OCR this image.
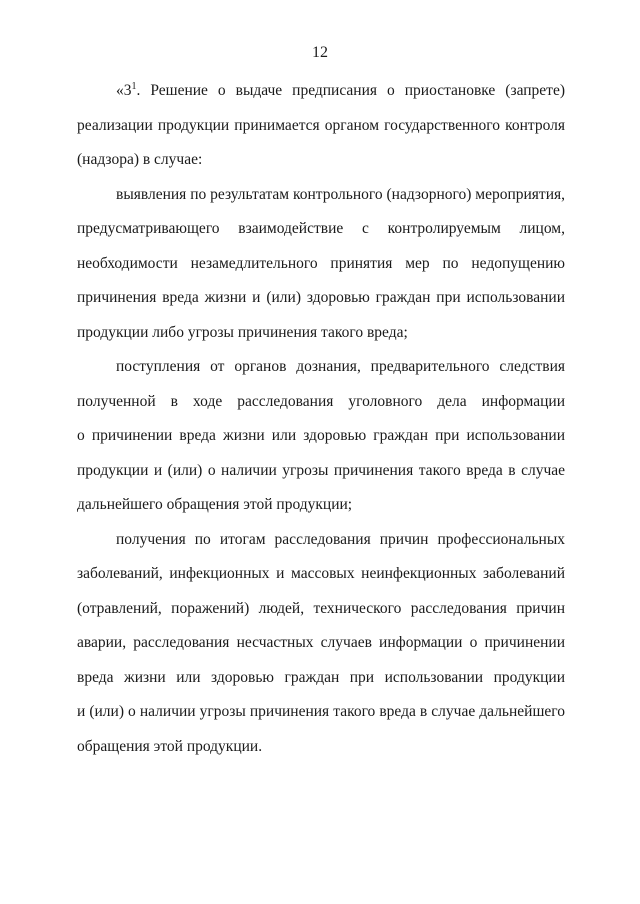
12
«$3^1$. Решение о выдаче предписания о приостановке (запрете)
реализации продукции принимается органом государственного контроля
(надзора) в случае:
выявления по результатам контрольного (надзорного) мероприятия,
предусматривающего взаимодействие с контролируемым лицом,
необходимости незамедлительного принятия мер по недопущению
причинения вреда жизни и (или) здоровью граждан при использовании
продукции либо угрозы причинения такого вреда;
поступления от органов дознания, предварительного следствия
полученной в ходе расследования уголовного дела информации
о причинении вреда жизни или здоровью граждан при использовании
продукции и (или) о наличии угрозы причинения такого вреда в случае
дальнейшего обращения этой продукции;
получения по итогам расследования причин профессиональных
заболеваний, инфекционных и массовых неинфекционных заболеваний
(отравлений, поражений) людей, технического расследования причин
аварии, расследования несчастных случаев информации о причинении
вреда жизни или здоровью граждан при использовании продукции
и (или) о наличии угрозы причинения такого вреда в случае дальнейшего
обращения этой продукции.
